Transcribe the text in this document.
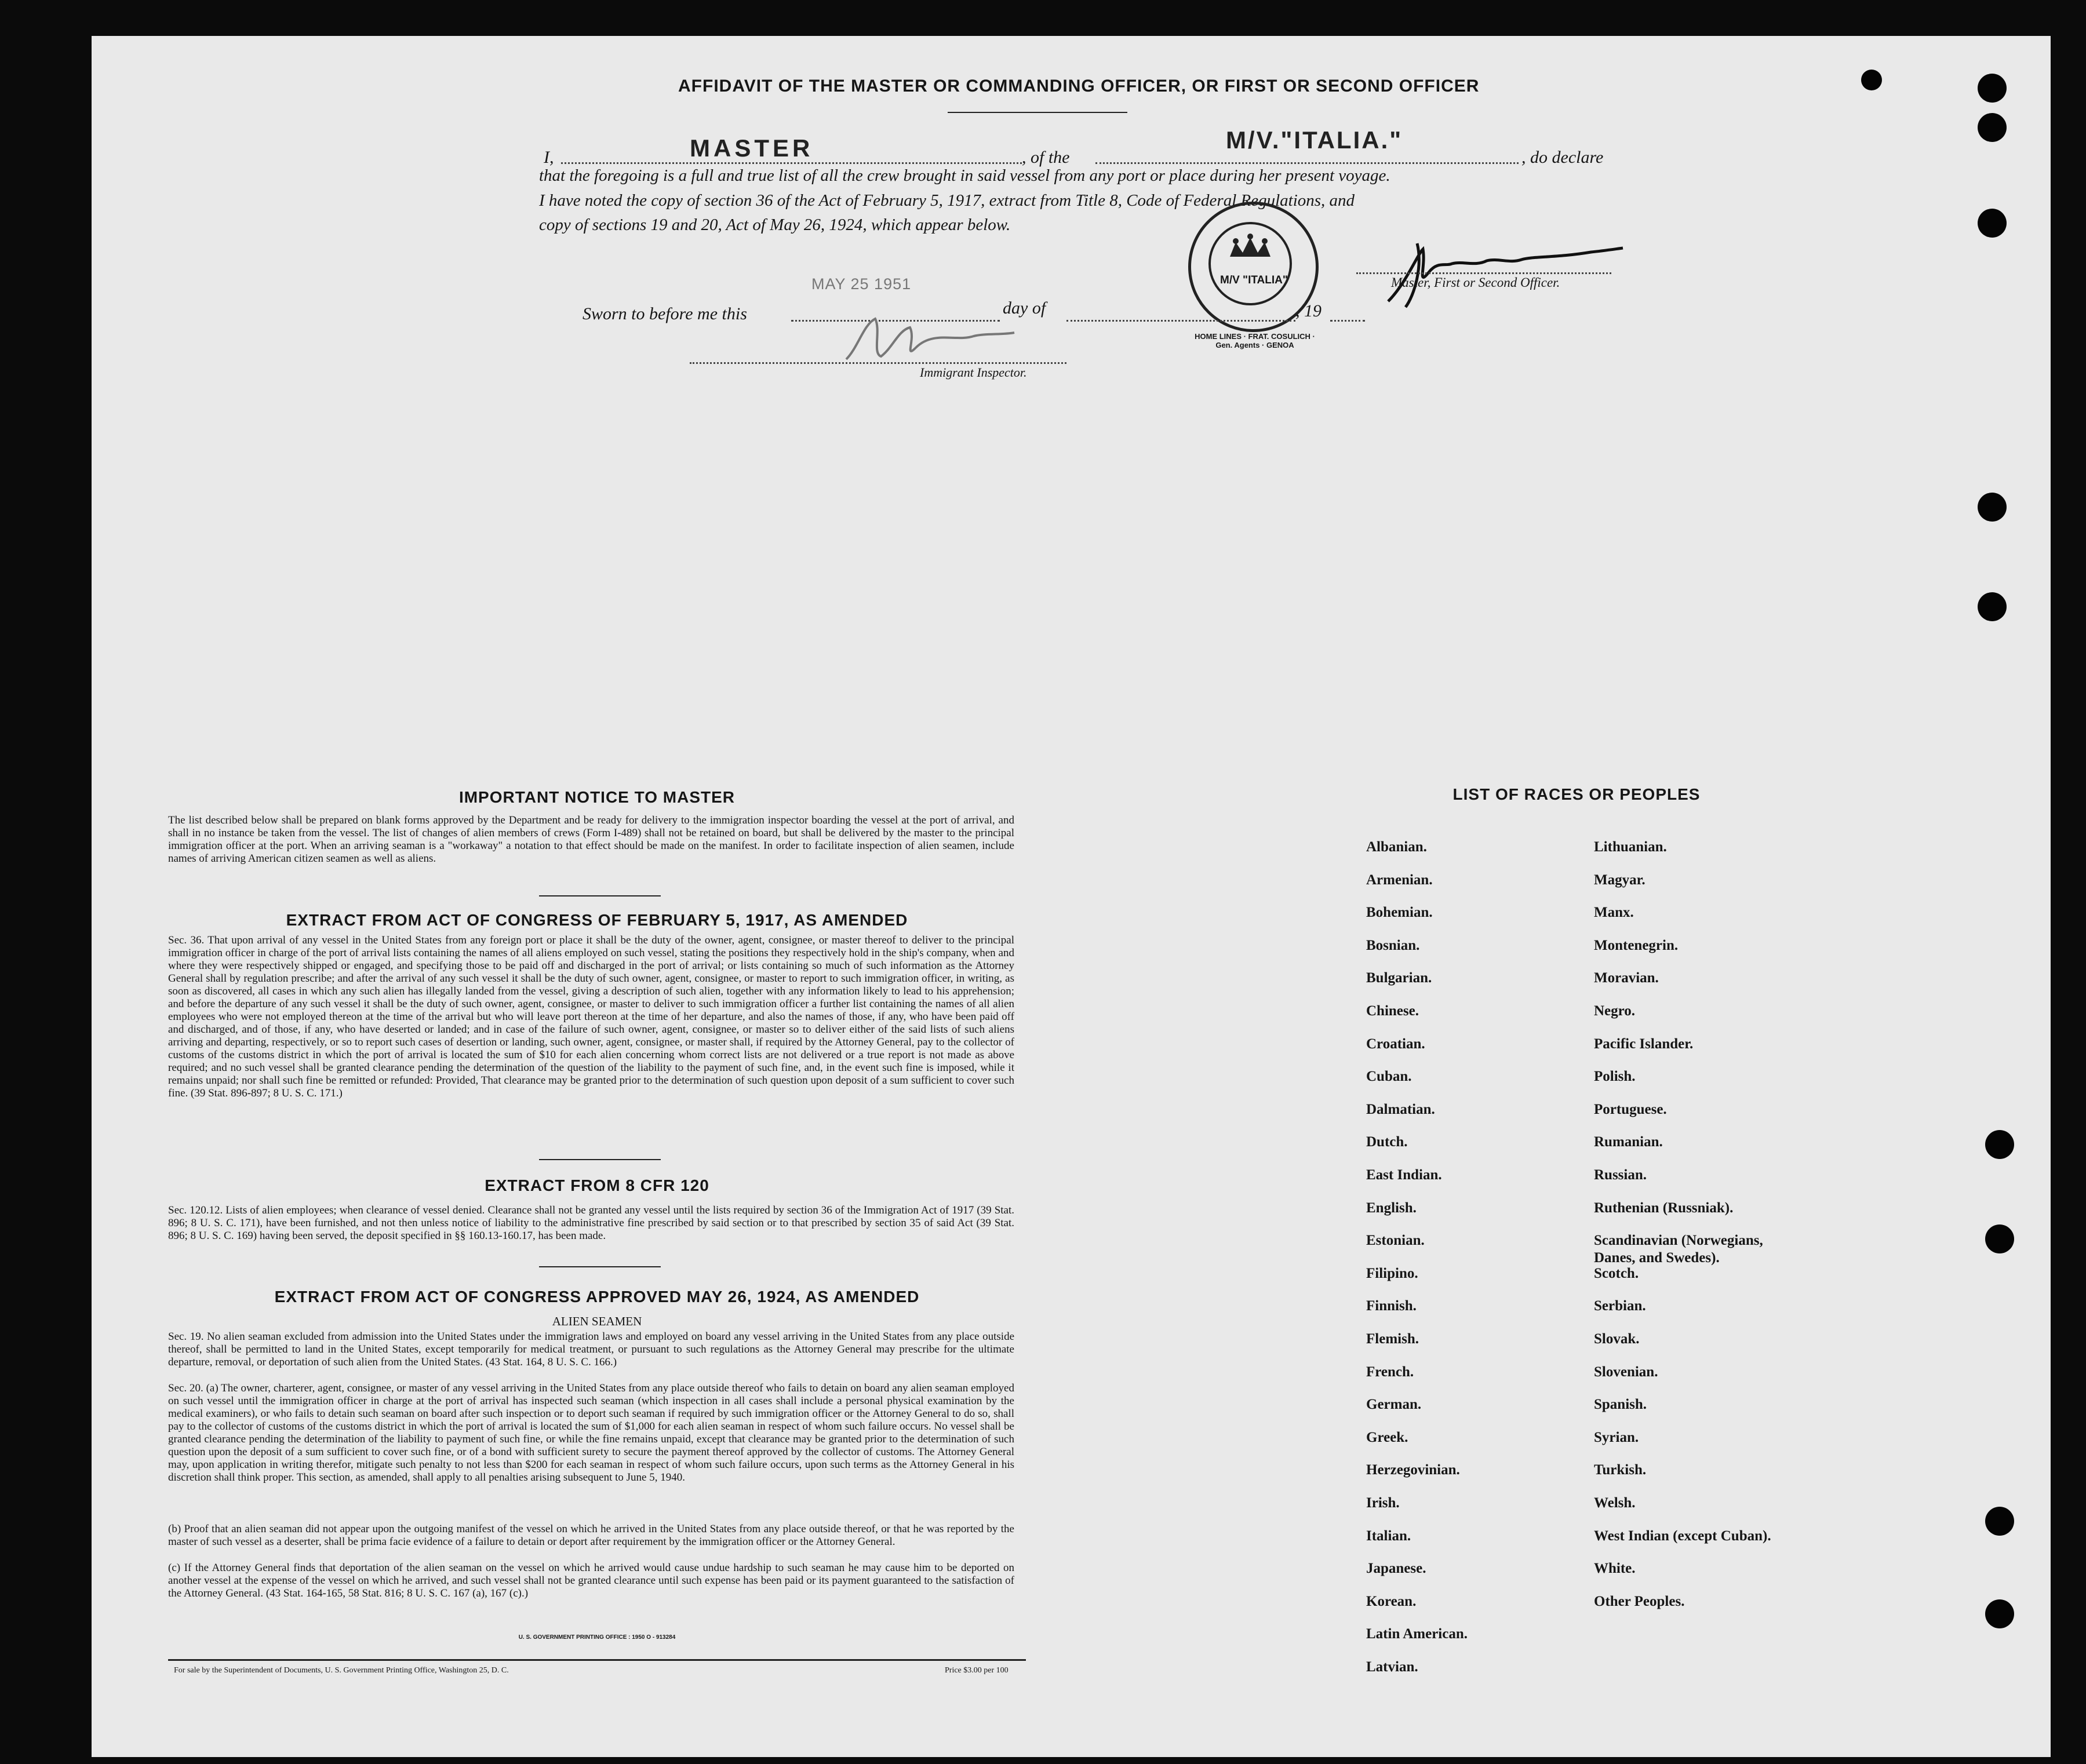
AFFIDAVIT OF THE MASTER OR COMMANDING OFFICER, OR FIRST OR SECOND OFFICER
I,	MASTER	, of the
M/V."ITALIA."
, do declare
that the foregoing is a full and true list of all the crew brought in said vessel from any port or place during her present voyage.
I have noted the copy of section 36 of the Act of February 5, 1917, extract from Title 8, Code of Federal Regulations, and
copy of sections 19 and 20, Act of May 26, 1924, which appear below.
M/V "ITALIA"
HOME LINES · FRAT. COSULICH · Gen. Agents · GENOA
Master, First or Second Officer.
MAY 25 1951
Sworn to before me this	day of	, 19
Immigrant Inspector.
IMPORTANT NOTICE TO MASTER
The list described below shall be prepared on blank forms approved by the Department and be ready for delivery to the immigration inspector boarding the vessel at the port of arrival, and shall in no instance be taken from the vessel. The list of changes of alien members of crews (Form I-489) shall not be retained on board, but shall be delivered by the master to the principal immigration officer at the port. When an arriving seaman is a "workaway" a notation to that effect should be made on the manifest. In order to facilitate inspection of alien seamen, include names of arriving American citizen seamen as well as aliens.
EXTRACT FROM ACT OF CONGRESS OF FEBRUARY 5, 1917, AS AMENDED
Sec. 36. That upon arrival of any vessel in the United States from any foreign port or place it shall be the duty of the owner, agent, consignee, or master thereof to deliver to the principal immigration officer in charge of the port of arrival lists containing the names of all aliens employed on such vessel, stating the positions they respectively hold in the ship's company, when and where they were respectively shipped or engaged, and specifying those to be paid off and discharged in the port of arrival; or lists containing so much of such information as the Attorney General shall by regulation prescribe; and after the arrival of any such vessel it shall be the duty of such owner, agent, consignee, or master to report to such immigration officer, in writing, as soon as discovered, all cases in which any such alien has illegally landed from the vessel, giving a description of such alien, together with any information likely to lead to his apprehension; and before the departure of any such vessel it shall be the duty of such owner, agent, consignee, or master to deliver to such immigration officer a further list containing the names of all alien employees who were not employed thereon at the time of the arrival but who will leave port thereon at the time of her departure, and also the names of those, if any, who have been paid off and discharged, and of those, if any, who have deserted or landed; and in case of the failure of such owner, agent, consignee, or master so to deliver either of the said lists of such aliens arriving and departing, respectively, or so to report such cases of desertion or landing, such owner, agent, consignee, or master shall, if required by the Attorney General, pay to the collector of customs of the customs district in which the port of arrival is located the sum of $10 for each alien concerning whom correct lists are not delivered or a true report is not made as above required; and no such vessel shall be granted clearance pending the determination of the question of the liability to the payment of such fine, and, in the event such fine is imposed, while it remains unpaid; nor shall such fine be remitted or refunded: Provided, That clearance may be granted prior to the determination of such question upon deposit of a sum sufficient to cover such fine. (39 Stat. 896-897; 8 U. S. C. 171.)
EXTRACT FROM 8 CFR 120
Sec. 120.12. Lists of alien employees; when clearance of vessel denied. Clearance shall not be granted any vessel until the lists required by section 36 of the Immigration Act of 1917 (39 Stat. 896; 8 U. S. C. 171), have been furnished, and not then unless notice of liability to the administrative fine prescribed by said section or to that prescribed by section 35 of said Act (39 Stat. 896; 8 U. S. C. 169) having been served, the deposit specified in §§ 160.13-160.17, has been made.
EXTRACT FROM ACT OF CONGRESS APPROVED MAY 26, 1924, AS AMENDED
ALIEN SEAMEN
Sec. 19. No alien seaman excluded from admission into the United States under the immigration laws and employed on board any vessel arriving in the United States from any place outside thereof, shall be permitted to land in the United States, except temporarily for medical treatment, or pursuant to such regulations as the Attorney General may prescribe for the ultimate departure, removal, or deportation of such alien from the United States. (43 Stat. 164, 8 U. S. C. 166.)
Sec. 20. (a) The owner, charterer, agent, consignee, or master of any vessel arriving in the United States from any place outside thereof who fails to detain on board any alien seaman employed on such vessel until the immigration officer in charge at the port of arrival has inspected such seaman (which inspection in all cases shall include a personal physical examination by the medical examiners), or who fails to detain such seaman on board after such inspection or to deport such seaman if required by such immigration officer or the Attorney General to do so, shall pay to the collector of customs of the customs district in which the port of arrival is located the sum of $1,000 for each alien seaman in respect of whom such failure occurs. No vessel shall be granted clearance pending the determination of the liability to payment of such fine, or while the fine remains unpaid, except that clearance may be granted prior to the determination of such question upon the deposit of a sum sufficient to cover such fine, or of a bond with sufficient surety to secure the payment thereof approved by the collector of customs. The Attorney General may, upon application in writing therefor, mitigate such penalty to not less than $200 for each seaman in respect of whom such failure occurs, upon such terms as the Attorney General in his discretion shall think proper. This section, as amended, shall apply to all penalties arising subsequent to June 5, 1940.
(b) Proof that an alien seaman did not appear upon the outgoing manifest of the vessel on which he arrived in the United States from any place outside thereof, or that he was reported by the master of such vessel as a deserter, shall be prima facie evidence of a failure to detain or deport after requirement by the immigration officer or the Attorney General.
(c) If the Attorney General finds that deportation of the alien seaman on the vessel on which he arrived would cause undue hardship to such seaman he may cause him to be deported on another vessel at the expense of the vessel on which he arrived, and such vessel shall not be granted clearance until such expense has been paid or its payment guaranteed to the satisfaction of the Attorney General. (43 Stat. 164-165, 58 Stat. 816; 8 U. S. C. 167 (a), 167 (c).)
U. S. GOVERNMENT PRINTING OFFICE : 1950 O - 913284
For sale by the Superintendent of Documents, U. S. Government Printing Office, Washington 25, D. C.	Price $3.00 per 100
LIST OF RACES OR PEOPLES
Albanian.
Armenian.
Bohemian.
Bosnian.
Bulgarian.
Chinese.
Croatian.
Cuban.
Dalmatian.
Dutch.
East Indian.
English.
Estonian.
Filipino.
Finnish.
Flemish.
French.
German.
Greek.
Herzegovinian.
Irish.
Italian.
Japanese.
Korean.
Latin American.
Latvian.
Lithuanian.
Magyar.
Manx.
Montenegrin.
Moravian.
Negro.
Pacific Islander.
Polish.
Portuguese.
Rumanian.
Russian.
Ruthenian (Russniak).
Scandinavian (Norwegians,
Danes, and Swedes).
Scotch.
Serbian.
Slovak.
Slovenian.
Spanish.
Syrian.
Turkish.
Welsh.
West Indian (except Cuban).
White.
Other Peoples.
